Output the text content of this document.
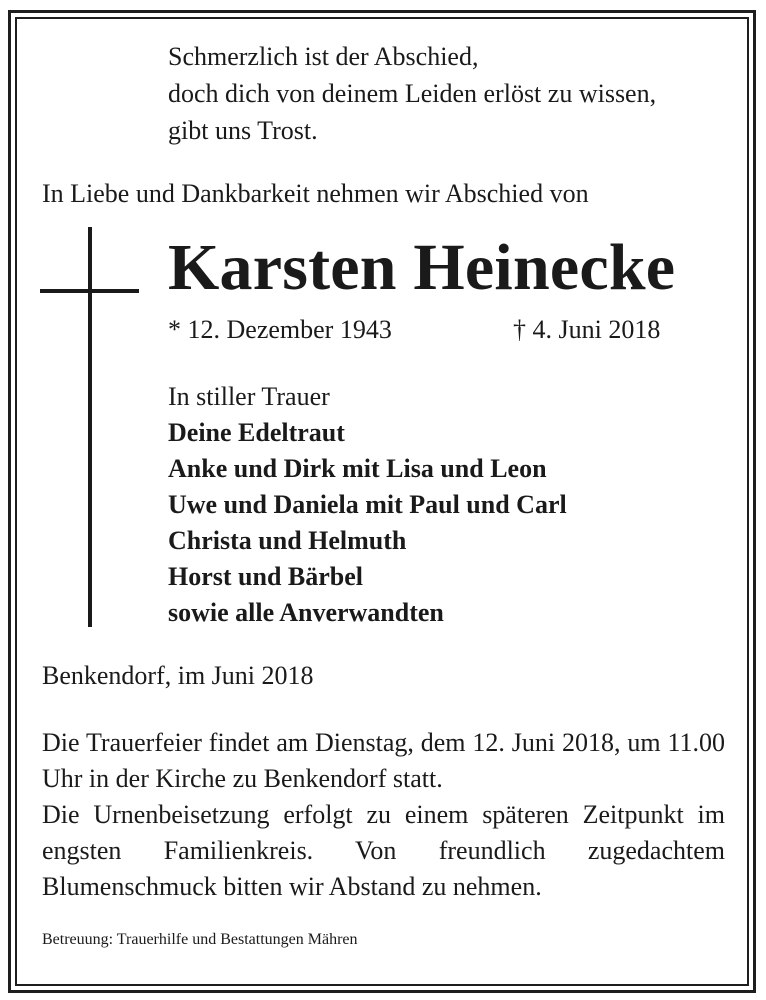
Schmerzlich ist der Abschied,
doch dich von deinem Leiden erlöst zu wissen,
gibt uns Trost.
In Liebe und Dankbarkeit nehmen wir Abschied von
Karsten Heinecke
* 12. Dezember 1943	† 4. Juni 2018
In stiller Trauer
Deine Edeltraut
Anke und Dirk mit Lisa und Leon
Uwe und Daniela mit Paul und Carl
Christa und Helmuth
Horst und Bärbel
sowie alle Anverwandten
Benkendorf, im Juni 2018

Die Trauerfeier findet am Dienstag, dem 12. Juni 2018, um 11.00 Uhr in der Kirche zu Benkendorf statt.

Die Urnenbeisetzung erfolgt zu einem späteren Zeitpunkt im engsten Familienkreis. Von freundlich zugedachtem Blumenschmuck bitten wir Abstand zu nehmen.

Betreuung: Trauerhilfe und Bestattungen Mähren
